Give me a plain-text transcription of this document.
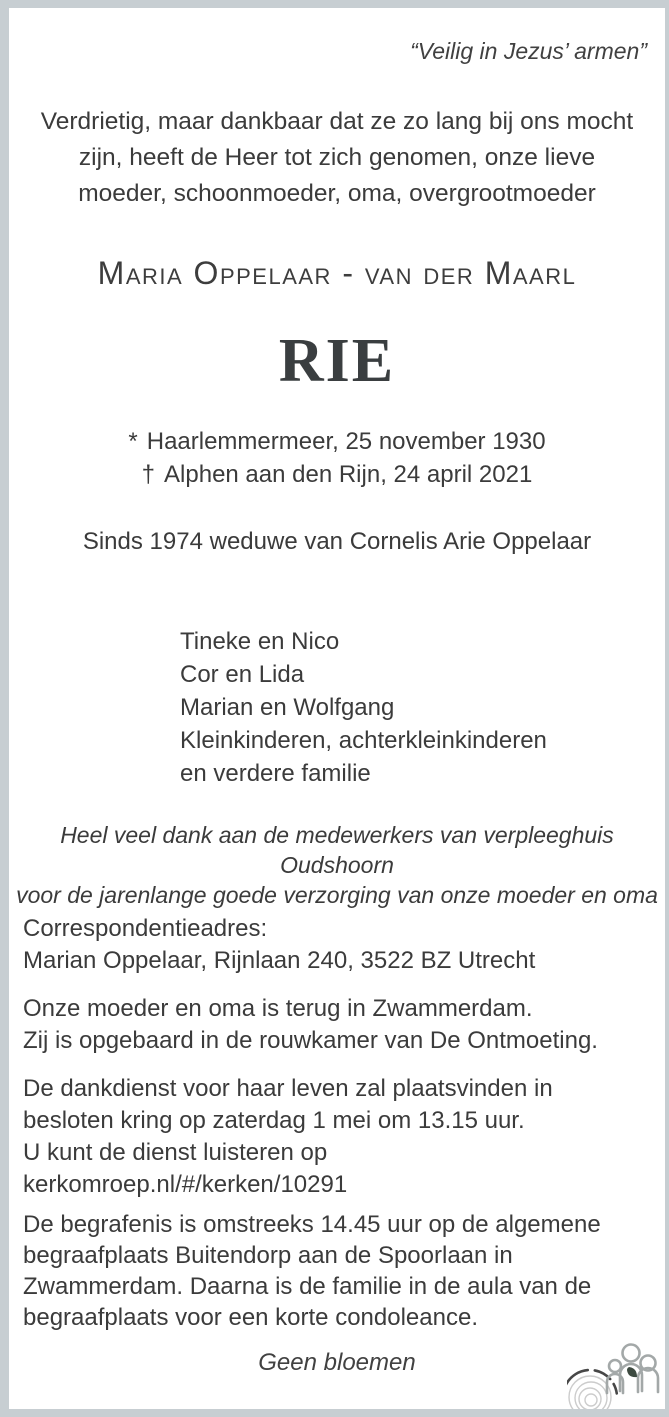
“Veilig in Jezus’ armen”
Verdrietig, maar dankbaar dat ze zo lang bij ons mocht
zijn, heeft de Heer tot zich genomen, onze lieve
moeder, schoonmoeder, oma, overgrootmoeder
Maria Oppelaar - van der Maarl
RIE
* Haarlemmermeer, 25 november 1930
† Alphen aan den Rijn, 24 april 2021
Sinds 1974 weduwe van Cornelis Arie Oppelaar
Tineke en Nico
Cor en Lida
Marian en Wolfgang
Kleinkinderen, achterkleinkinderen
en verdere familie
Heel veel dank aan de medewerkers van verpleeghuis Oudshoorn
voor de jarenlange goede verzorging van onze moeder en oma
Correspondentieadres:
Marian Oppelaar, Rijnlaan 240, 3522 BZ Utrecht
Onze moeder en oma is terug in Zwammerdam.
Zij is opgebaard in de rouwkamer van De Ontmoeting.
De dankdienst voor haar leven zal plaatsvinden in
besloten kring op zaterdag 1 mei om 13.15 uur.
U kunt de dienst luisteren op
kerkomroep.nl/#/kerken/10291
De begrafenis is omstreeks 14.45 uur op de algemene
begraafplaats Buitendorp aan de Spoorlaan in
Zwammerdam. Daarna is de familie in de aula van de
begraafplaats voor een korte condoleance.
Geen bloemen
